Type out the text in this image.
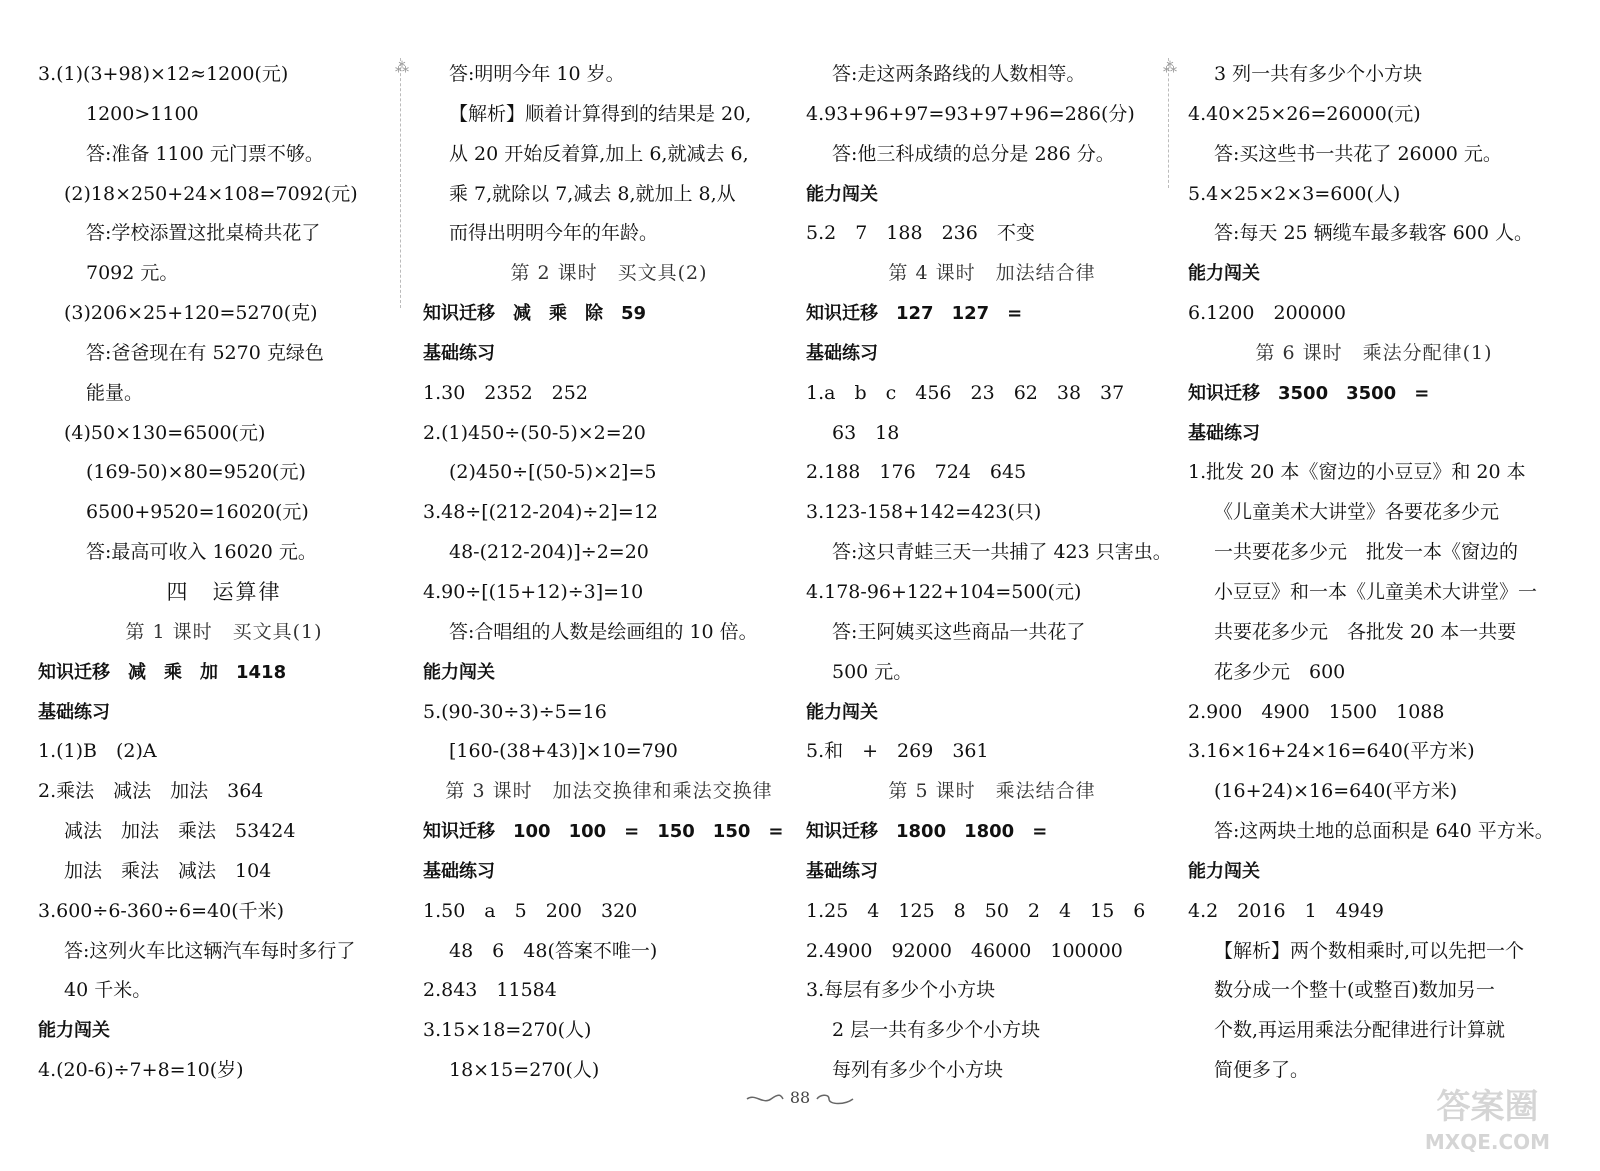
3.(1)(3+98)×12≈1200(元)
1200>1100
答:准备 1100 元门票不够。
(2)18×250+24×108=7092(元)
答:学校添置这批桌椅共花了
7092 元。
(3)206×25+120=5270(克)
答:爸爸现在有 5270 克绿色
能量。
(4)50×130=6500(元)
(169-50)×80=9520(元)
6500+9520=16020(元)
答:最高可收入 16020 元。
四　运算律
第 1 课时　买文具(1)
知识迁移　减　乘　加　1418
基础练习
1.(1)B　(2)A
2.乘法　减法　加法　364
减法　加法　乘法　53424
加法　乘法　减法　104
3.600÷6-360÷6=40(千米)
答:这列火车比这辆汽车每时多行了
40 千米。
能力闯关
4.(20-6)÷7+8=10(岁)
答:明明今年 10 岁。
【解析】顺着计算得到的结果是 20,
从 20 开始反着算,加上 6,就减去 6,
乘 7,就除以 7,减去 8,就加上 8,从
而得出明明今年的年龄。
第 2 课时　买文具(2)
知识迁移　减　乘　除　59
基础练习
1.30　2352　252
2.(1)450÷(50-5)×2=20
(2)450÷[(50-5)×2]=5
3.48÷[(212-204)÷2]=12
48-(212-204)]÷2=20
4.90÷[(15+12)÷3]=10
答:合唱组的人数是绘画组的 10 倍。
能力闯关
5.(90-30÷3)÷5=16
[160-(38+43)]×10=790
第 3 课时　加法交换律和乘法交换律
知识迁移　100　100　=　150　150　=
基础练习
1.50　a　5　200　320
48　6　48(答案不唯一)
2.843　11584
3.15×18=270(人)
18×15=270(人)
答:走这两条路线的人数相等。
4.93+96+97=93+97+96=286(分)
答:他三科成绩的总分是 286 分。
能力闯关
5.2　7　188　236　不变
第 4 课时　加法结合律
知识迁移　127　127　=
基础练习
1.a　b　c　456　23　62　38　37
63　18
2.188　176　724　645
3.123-158+142=423(只)
答:这只青蛙三天一共捕了 423 只害虫。
4.178-96+122+104=500(元)
答:王阿姨买这些商品一共花了
500 元。
能力闯关
5.和　+　269　361
第 5 课时　乘法结合律
知识迁移　1800　1800　=
基础练习
1.25　4　125　8　50　2　4　15　6
2.4900　92000　46000　100000
3.每层有多少个小方块
2 层一共有多少个小方块
每列有多少个小方块
3 列一共有多少个小方块
4.40×25×26=26000(元)
答:买这些书一共花了 26000 元。
5.4×25×2×3=600(人)
答:每天 25 辆缆车最多载客 600 人。
能力闯关
6.1200　200000
第 6 课时　乘法分配律(1)
知识迁移　3500　3500　=
基础练习
1.批发 20 本《窗边的小豆豆》和 20 本
《儿童美术大讲堂》各要花多少元
一共要花多少元　批发一本《窗边的
小豆豆》和一本《儿童美术大讲堂》一
共要花多少元　各批发 20 本一共要
花多少元　600
2.900　4900　1500　1088
3.16×16+24×16=640(平方米)
(16+24)×16=640(平方米)
答:这两块土地的总面积是 640 平方米。
能力闯关
4.2　2016　1　4949
【解析】两个数相乘时,可以先把一个
数分成一个整十(或整百)数加另一
个数,再运用乘法分配律进行计算就
简便多了。
⁂	⁂
88	答案圈
MXQE.COM
